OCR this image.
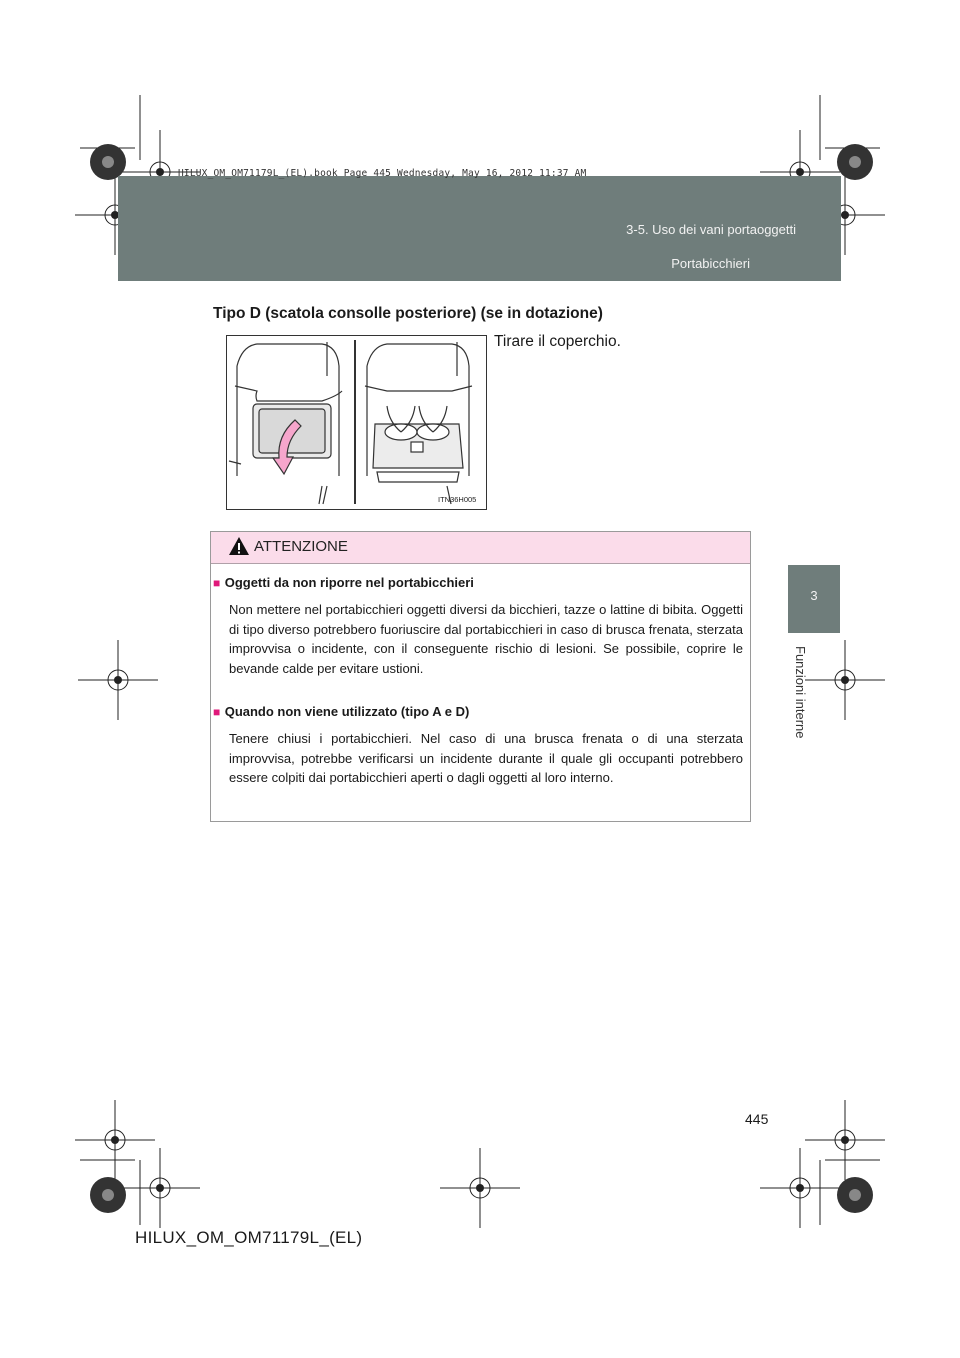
HILUX_OM_OM71179L_(EL).book Page 445 Wednesday, May 16, 2012 11:37 AM
3-5. Uso dei vani portaoggetti
Portabicchieri
3
Funzioni interne
Tipo D (scatola consolle posteriore) (se in dotazione)
ITN36H005
Tirare il coperchio.
ATTENZIONE
■ Oggetti da non riporre nel portabicchieri
Non mettere nel portabicchieri oggetti diversi da bicchieri, tazze o lattine di bibita. Oggetti di tipo diverso potrebbero fuoriuscire dal portabicchieri in caso di brusca frenata, sterzata improvvisa o incidente, con il conseguente rischio di lesioni. Se possibile, coprire le bevande calde per evitare ustioni.
■ Quando non viene utilizzato (tipo A e D)
Tenere chiusi i portabicchieri. Nel caso di una brusca frenata o di una sterzata improvvisa, potrebbe verificarsi un incidente durante il quale gli occupanti potrebbero essere colpiti dai portabicchieri aperti o dagli oggetti al loro interno.
445
HILUX_OM_OM71179L_(EL)
